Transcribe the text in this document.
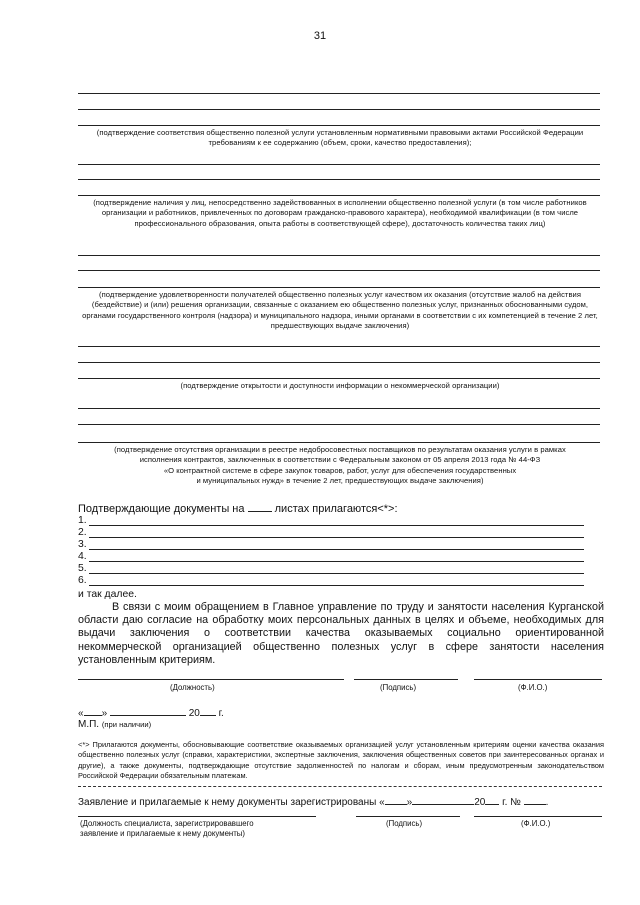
31
(подтверждение соответствия общественно полезной услуги установленным нормативными правовыми актами Российской Федерации требованиям к ее содержанию (объем, сроки, качество предоставления);
(подтверждение наличия у лиц, непосредственно задействованных в исполнении общественно полезной услуги (в том числе работников организации и работников, привлеченных по договорам гражданско-правового характера), необходимой квалификации (в том числе профессионального образования, опыта работы в соответствующей сфере), достаточность количества таких лиц)
(подтверждение удовлетворенности получателей общественно полезных услуг качеством их оказания (отсутствие жалоб на действия (бездействие) и (или) решения организации, связанные с оказанием ею общественно полезных услуг, признанных обоснованными судом, органами государственного контроля (надзора) и муниципального надзора, иными органами в соответствии с их компетенцией в течение 2 лет, предшествующих выдаче заключения)
(подтверждение открытости и доступности информации о некоммерческой организации)
(подтверждение отсутствия организации в реестре недобросовестных поставщиков по результатам оказания услуги в рамках
исполнения контрактов, заключенных в соответствии с Федеральным законом от 05 апреля 2013 года № 44-ФЗ
«О контрактной системе в сфере закупок товаров, работ, услуг для обеспечения государственных
и муниципальных нужд» в течение 2 лет, предшествующих выдаче заключения)
Подтверждающие документы на	листах прилагаются<*>:
1.
2.
3.
4.
5.
6.
и так далее.
В связи с моим обращением в Главное управление по труду и занятости населения Курганской области даю согласие на обработку моих персональных данных в целях и объеме, необходимых для выдачи заключения о соответствии качества оказываемых социально ориентированной некоммерческой организацией общественно полезных услуг в сфере занятости населения установленным критериям.
(Должность)	(Подпись)	(Ф.И.О.)
« »	20 г.
М.П. (при наличии)
<*> Прилагаются документы, обосновывающие соответствие оказываемых организацией услуг установленным критериям оценки качества оказания общественно полезных услуг (справки, характеристики, экспертные заключения, заключения общественных советов при заинтересованных органах и другие), а также документы, подтверждающие отсутствие задолженностей по налогам и сборам, иным предусмотренным законодательством Российской Федерации обязательным платежам.
Заявление и прилагаемые к нему документы зарегистрированы « »	20 г. № .
(Должность специалиста, зарегистрировавшего заявление и прилагаемые к нему документы)
(Подпись)	(Ф.И.О.)
